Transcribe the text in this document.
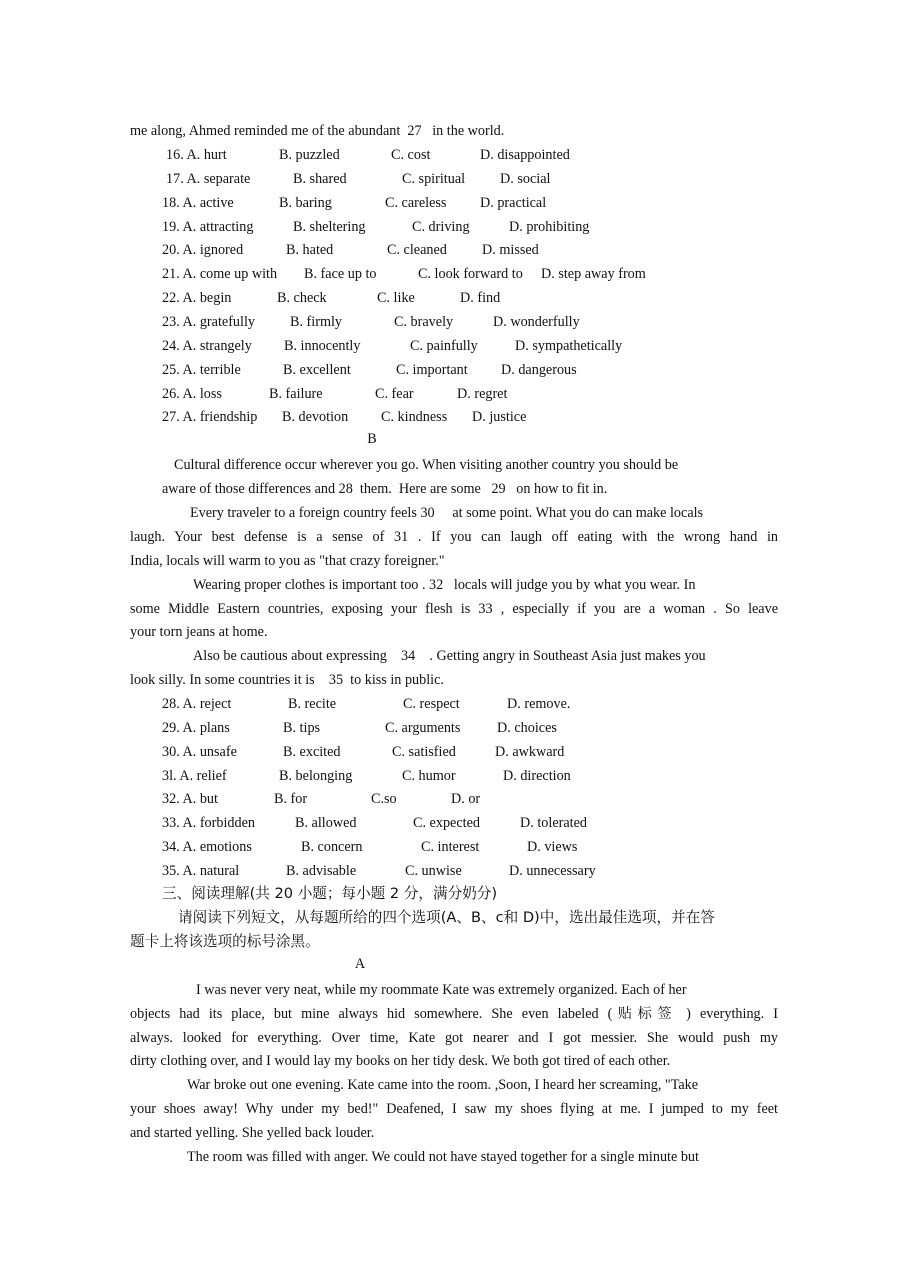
me along, Ahmed reminded me of the abundant  27   in the world.
16. A. hurt	B. puzzled	C. cost	D. disappointed
17. A. separate	B. shared	C. spiritual D. social
18. A. active	B. baring	C. careless D. practical
19. A. attracting	B. sheltering	C. driving	D. prohibiting
20. A. ignored	B. hated	C. cleaned D. missed
21. A. come up with B. face up to	C. look forward to D. step away from
22. A. begin	B. check	C. like	D. find
23. A. gratefully B. firmly	C. bravely	D. wonderfully
24. A. strangely B. innocently	C. painfully	D. sympathetically
25. A. terrible	B. excellent	C. important D. dangerous
26. A. loss	B. failure	C. fear	D. regret
27. A. friendship B. devotion C. kindness D. justice
B
Cultural difference occur wherever you go. When visiting another country you should be
aware of those differences and 28  them.  Here are some   29   on how to fit in.
Every traveler to a foreign country feels 30     at some point. What you do can make locals
laugh. Your best defense is a sense of 31 . If you can laugh off eating with the wrong hand in
India, locals will warm to you as "that crazy foreigner."
Wearing proper clothes is important too . 32   locals will judge you by what you wear. In
some Middle Eastern countries, exposing your flesh is 33 , especially if you are a woman . So leave
your torn jeans at home.
Also be cautious about expressing    34    . Getting angry in Southeast Asia just makes you
look silly. In some countries it is    35  to kiss in public.
28. A. reject	B. recite	C. respect	D. remove.
29. A. plans	B. tips	C. arguments	D. choices
30. A. unsafe	B. excited	C. satisfied	D. awkward
3l. A. relief	B. belonging	C. humor	D. direction
32. A. but	B. for	C.so	D. or
33. A. forbidden	B. allowed	C. expected	D. tolerated
34. A. emotions	B. concern	C. interest	D. views
35. A. natural	B. advisable	C. unwise	D. unnecessary
三、阅读理解(共 20 小题；每小题 2 分，满分奶分)
请阅读下列短文，从每题所给的四个选项(A、B、c和 D)中，选出最佳选项，并在答
题卡上将该选项的标号涂黑。
A
I was never very neat, while my roommate Kate was extremely organized. Each of her
objects had its place, but mine always hid somewhere. She even labeled (贴标签 ) everything. I
always. looked for everything. Over time, Kate got nearer and I got messier. She would push my
dirty clothing over, and I would lay my books on her tidy desk. We both got tired of each other.
War broke out one evening. Kate came into the room. ,Soon, I heard her screaming, "Take
your shoes away! Why under my bed!" Deafened, I saw my shoes flying at me. I jumped to my feet
and started yelling. She yelled back louder.
The room was filled with anger. We could not have stayed together for a single minute but
